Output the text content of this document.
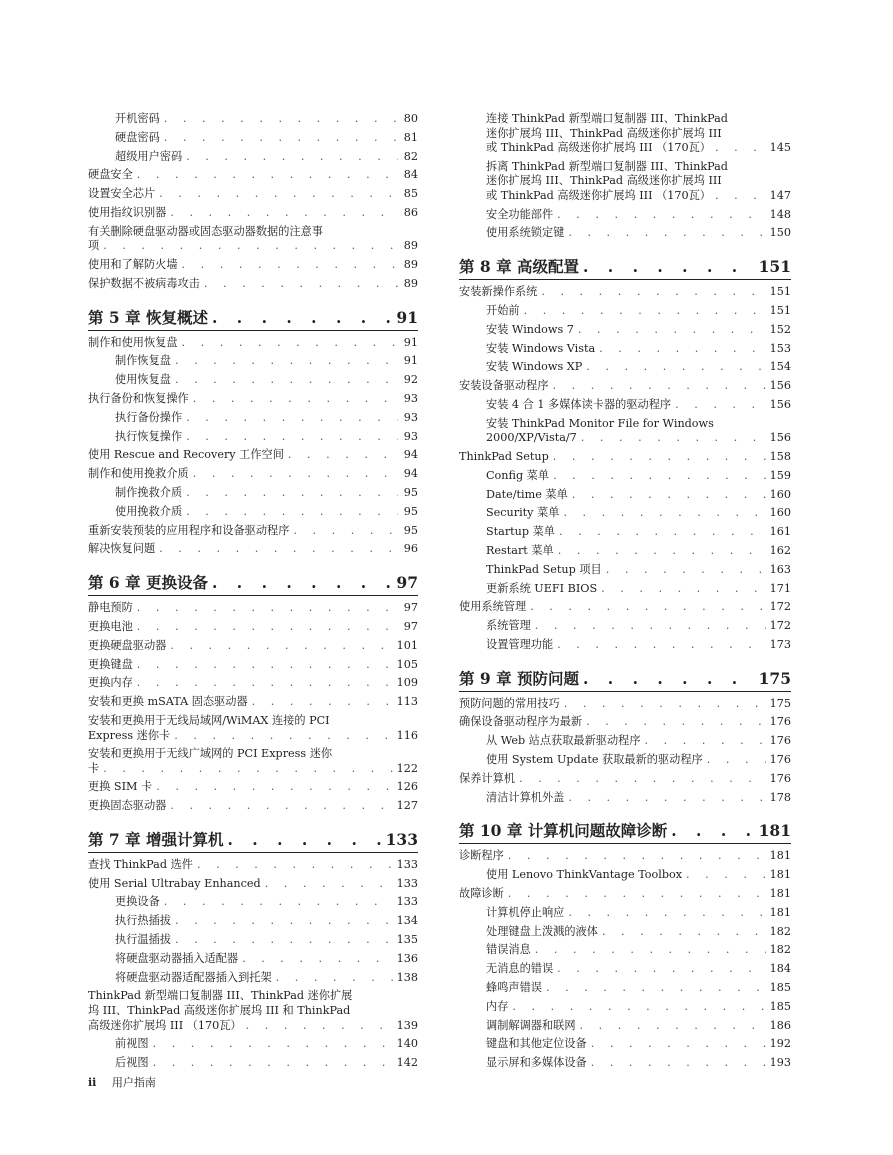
开机密码 . . .	80
硬盘密码 . . .	81
超级用户密码 . . .	82
硬盘安全 . . .	84
设置安全芯片 . . .	85
使用指纹识别器 . . .	86
有关删除硬盘驱动器或固态驱动器数据的注意事
项 . . .	89
使用和了解防火墙 . . .	89
保护数据不被病毒攻击 . . .	89
第 5 章 恢复概述 . . .	91
制作和使用恢复盘 . . .	91
制作恢复盘 . . .	91
使用恢复盘 . . .	92
执行备份和恢复操作 . . .	93
执行备份操作 . . .	93
执行恢复操作 . . .	93
使用 Rescue and Recovery 工作空间 . . .	94
制作和使用挽救介质 . . .	94
制作挽救介质 . . .	95
使用挽救介质 . . .	95
重新安装预装的应用程序和设备驱动程序 . . .	95
解决恢复问题 . . .	96
第 6 章 更换设备 . . .	97
静电预防 . . .	97
更换电池 . . .	97
更换硬盘驱动器 . . .	101
更换键盘 . . .	105
更换内存 . . .	109
安装和更换 mSATA 固态驱动器 . . .	113
安装和更换用于无线局域网/WiMAX 连接的 PCI
Express 迷你卡 . . .	116
安装和更换用于无线广域网的 PCI Express 迷你
卡 . . .	122
更换 SIM 卡 . . .	126
更换固态驱动器 . . .	127
第 7 章 增强计算机 . . .	133
查找 ThinkPad 选件 . . .	133
使用 Serial Ultrabay Enhanced . . .	133
更换设备 . . .	133
执行热插拔 . . .	134
执行温插拔 . . .	135
将硬盘驱动器插入适配器 . . .	136
将硬盘驱动器适配器插入到托架 . . .	138
ThinkPad 新型端口复制器 III、ThinkPad 迷你扩展
坞 III、ThinkPad 高级迷你扩展坞 III 和 ThinkPad
高级迷你扩展坞 III （170瓦） . . .	139
前视图 . . .	140
后视图 . . .	142
连接 ThinkPad 新型端口复制器 III、ThinkPad
迷你扩展坞 III、ThinkPad 高级迷你扩展坞 III
或 ThinkPad 高级迷你扩展坞 III （170瓦） . . .	145
拆离 ThinkPad 新型端口复制器 III、ThinkPad
迷你扩展坞 III、ThinkPad 高级迷你扩展坞 III
或 ThinkPad 高级迷你扩展坞 III （170瓦） . . .	147
安全功能部件 . . .	148
使用系统锁定键 . . .	150
第 8 章 高级配置 . . .	151
安装新操作系统 . . .	151
开始前 . . .	151
安装 Windows 7 . . .	152
安装 Windows Vista . . .	153
安装 Windows XP . . .	154
安装设备驱动程序 . . .	156
安装 4 合 1 多媒体读卡器的驱动程序 . . .	156
安装 ThinkPad Monitor File for Windows
2000/XP/Vista/7 . . .	156
ThinkPad Setup . . .	158
Config 菜单 . . .	159
Date/time 菜单 . . .	160
Security 菜单 . . .	160
Startup 菜单 . . .	161
Restart 菜单 . . .	162
ThinkPad Setup 项目 . . .	163
更新系统 UEFI BIOS . . .	171
使用系统管理 . . .	172
系统管理 . . .	172
设置管理功能 . . .	173
第 9 章 预防问题 . . .	175
预防问题的常用技巧 . . .	175
确保设备驱动程序为最新 . . .	176
从 Web 站点获取最新驱动程序 . . .	176
使用 System Update 获取最新的驱动程序 . . .	176
保养计算机 . . .	176
清洁计算机外盖 . . .	178
第 10 章 计算机问题故障诊断 . . .	181
诊断程序 . . .	181
使用 Lenovo ThinkVantage Toolbox . . .	181
故障诊断 . . .	181
计算机停止响应 . . .	181
处理键盘上泼溅的液体 . . .	182
错误消息 . . .	182
无消息的错误 . . .	184
蜂鸣声错误 . . .	185
内存 . . .	185
调制解调器和联网 . . .	186
键盘和其他定位设备 . . .	192
显示屏和多媒体设备 . . .	193
ii 用户指南
